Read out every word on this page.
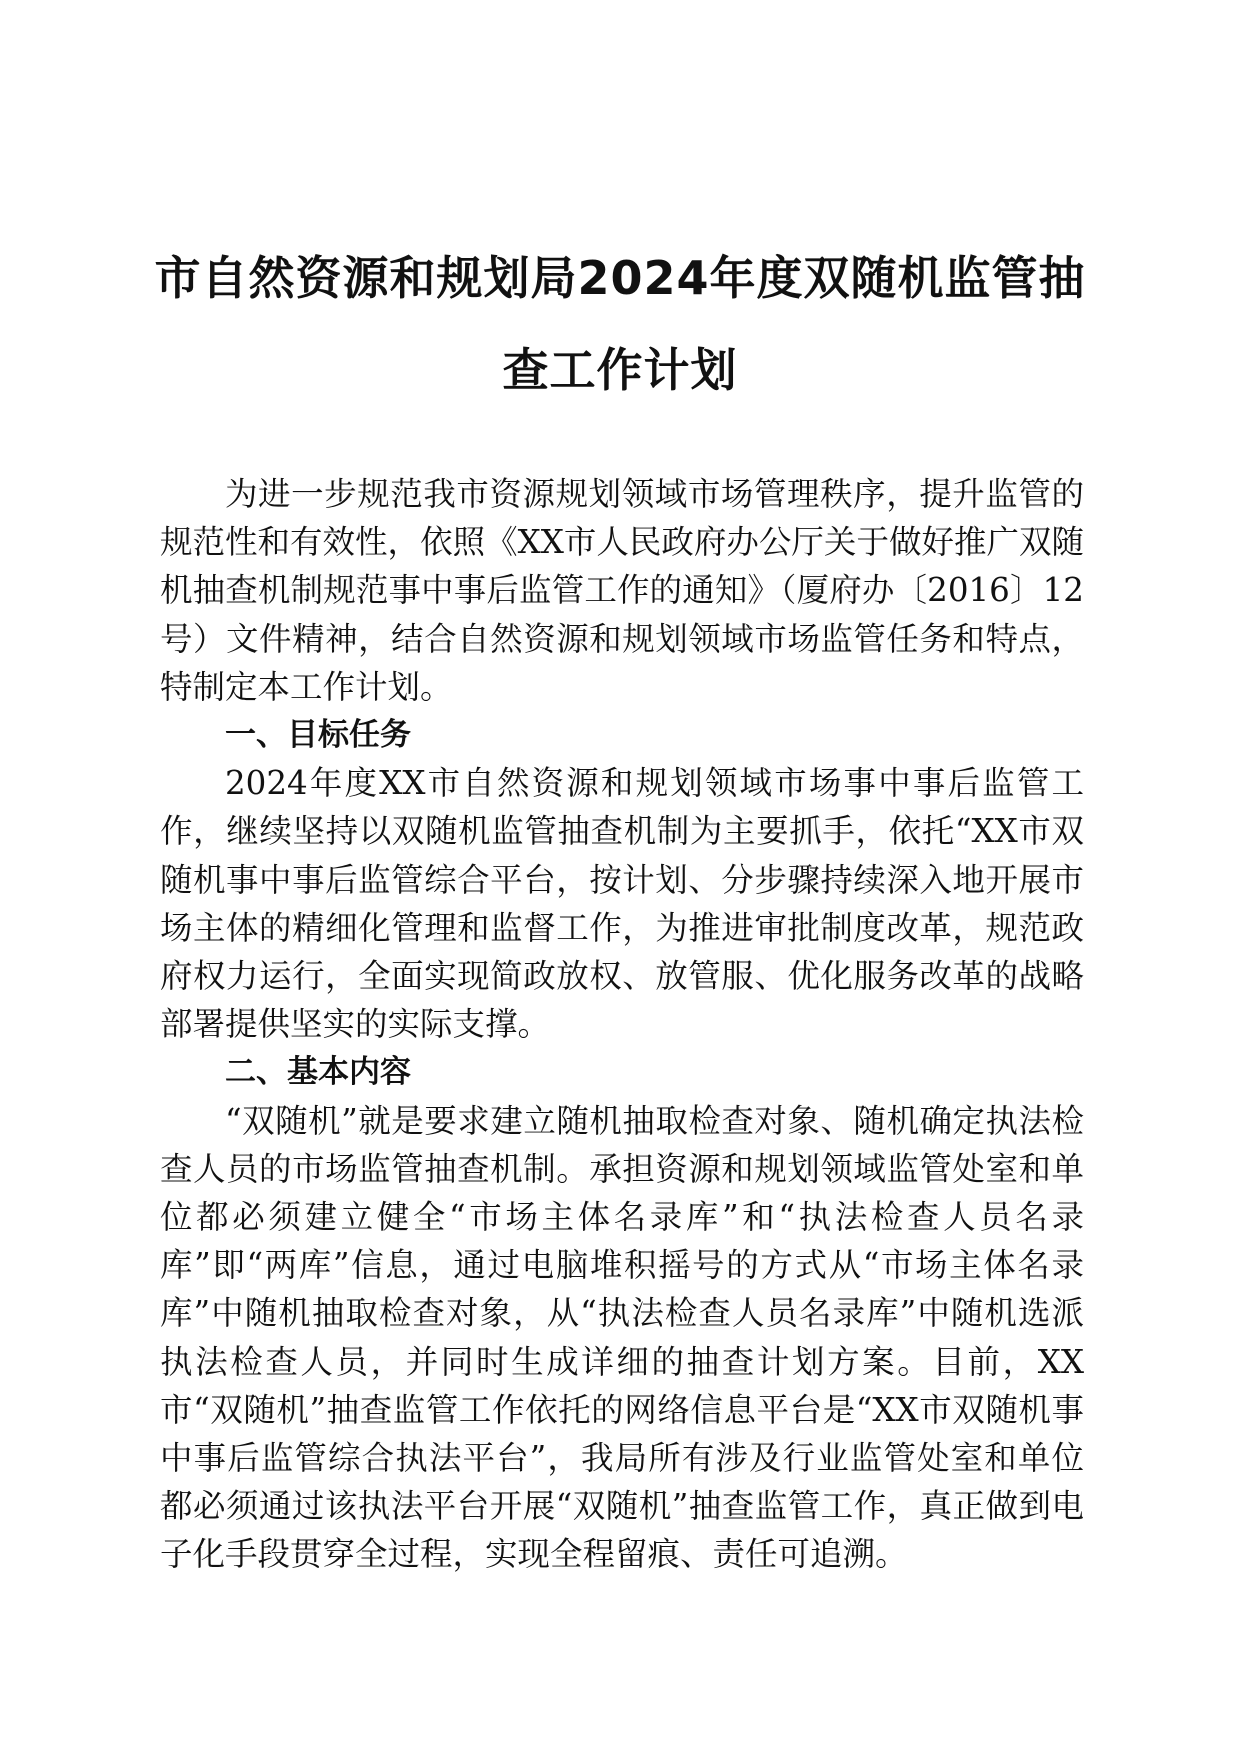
市自然资源和规划局2024年度双随机监管抽
查工作计划

为进一步规范我市资源规划领域市场管理秩序，提升监管的规范性和有效性，依照《XX市人民政府办公厅关于做好推广双随机抽查机制规范事中事后监管工作的通知》（厦府办〔2016〕12号）文件精神，结合自然资源和规划领域市场监管任务和特点，特制定本工作计划。

一、目标任务

2024年度XX市自然资源和规划领域市场事中事后监管工作，继续坚持以双随机监管抽查机制为主要抓手，依托“XX市双随机事中事后监管综合平台，按计划、分步骤持续深入地开展市场主体的精细化管理和监督工作，为推进审批制度改革，规范政府权力运行，全面实现简政放权、放管服、优化服务改革的战略部署提供坚实的实际支撑。

二、基本内容

“双随机”就是要求建立随机抽取检查对象、随机确定执法检查人员的市场监管抽查机制。承担资源和规划领域监管处室和单位都必须建立健全“市场主体名录库”和“执法检查人员名录库”即“两库”信息，通过电脑堆积摇号的方式从“市场主体名录库”中随机抽取检查对象，从“执法检查人员名录库”中随机选派执法检查人员，并同时生成详细的抽查计划方案。目前，XX市“双随机”抽查监管工作依托的网络信息平台是“XX市双随机事中事后监管综合执法平台”，我局所有涉及行业监管处室和单位都必须通过该执法平台开展“双随机”抽查监管工作，真正做到电子化手段贯穿全过程，实现全程留痕、责任可追溯。
